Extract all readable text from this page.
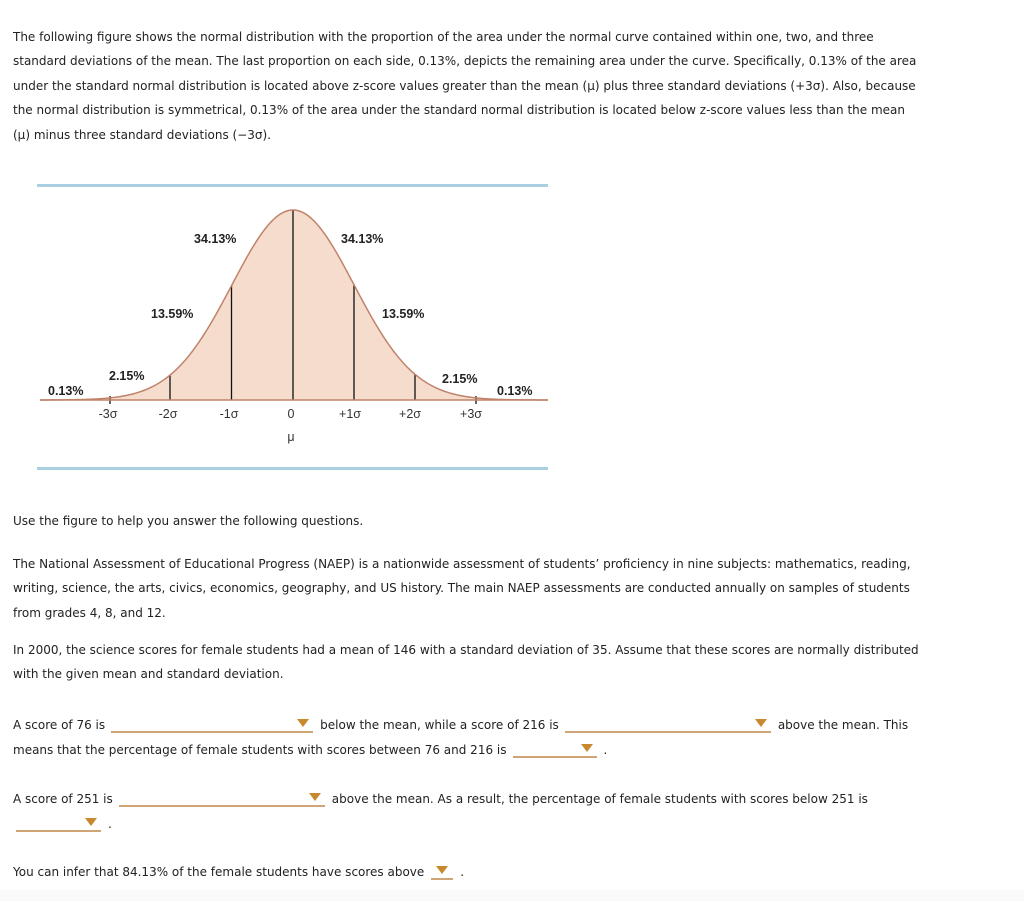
The following figure shows the normal distribution with the proportion of the area under the normal curve contained within one, two, and three
standard deviations of the mean. The last proportion on each side, 0.13%, depicts the remaining area under the curve. Specifically, 0.13% of the area
under the standard normal distribution is located above z-score values greater than the mean (μ) plus three standard deviations (+3σ). Also, because
the normal distribution is symmetrical, 0.13% of the area under the standard normal distribution is located below z-score values less than the mean
(μ) minus three standard deviations (−3σ).
34.13%	34.13%
13.59%	13.59%
2.15%	2.15%
0.13%	0.13%
-3σ	-2σ	-1σ	0	+1σ	+2σ	+3σ
μ
Use the figure to help you answer the following questions.
The National Assessment of Educational Progress (NAEP) is a nationwide assessment of students’ proficiency in nine subjects: mathematics, reading,
writing, science, the arts, civics, economics, geography, and US history. The main NAEP assessments are conducted annually on samples of students
from grades 4, 8, and 12.
In 2000, the science scores for female students had a mean of 146 with a standard deviation of 35. Assume that these scores are normally distributed
with the given mean and standard deviation.
A score of 76 is	below the mean, while a score of 216 is	above the mean. This
means that the percentage of female students with scores between 76 and 216 is	.
A score of 251 is	above the mean. As a result, the percentage of female students with scores below 251 is
.
You can infer that 84.13% of the female students have scores above	.
